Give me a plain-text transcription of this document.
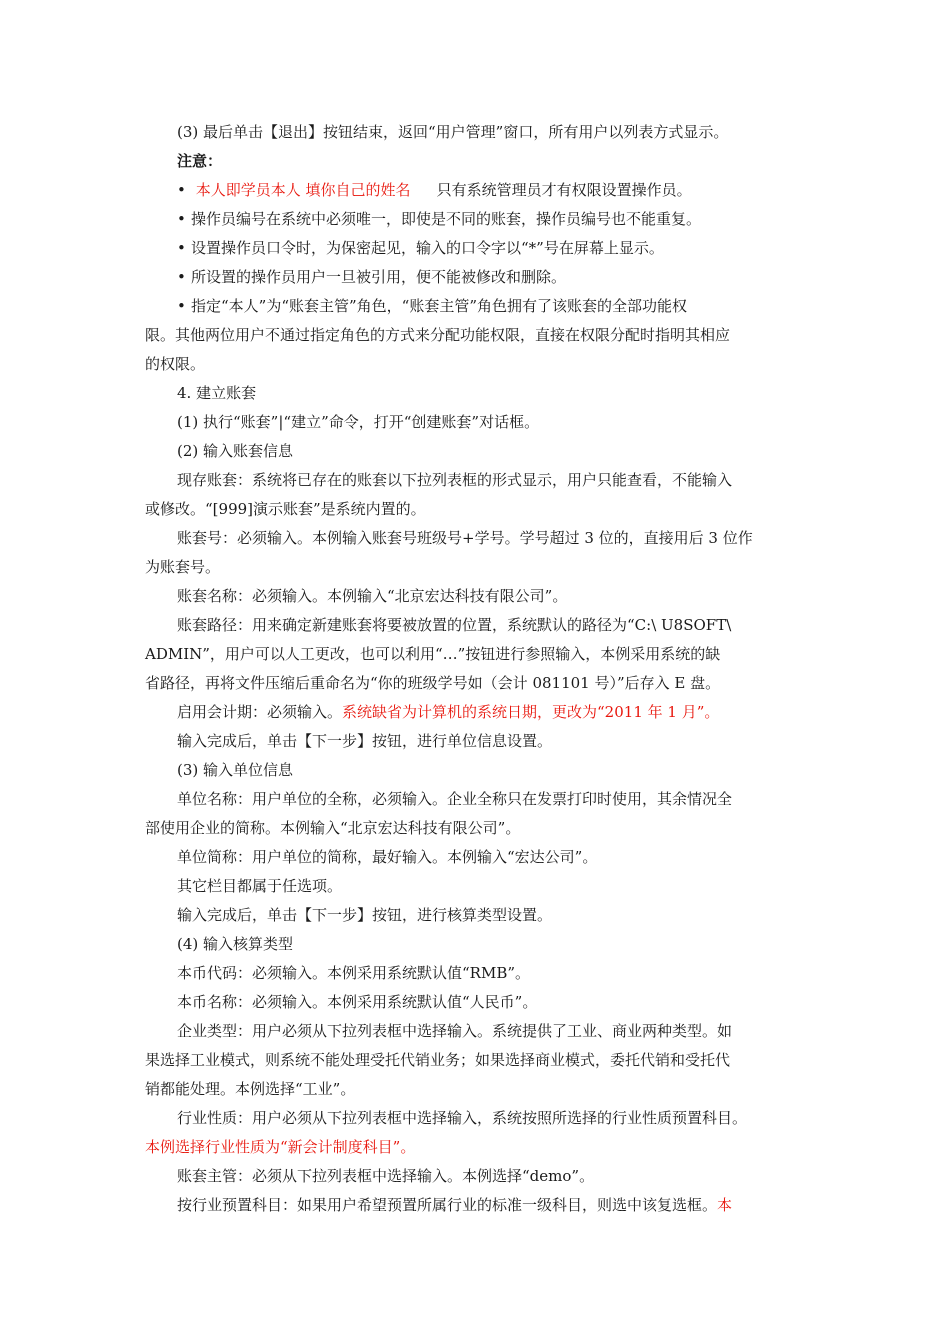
(3) 最后单击【退出】按钮结束，返回“用户管理”窗口，所有用户以列表方式显示。
注意：
• 本人即学员本人 填你自己的姓名 只有系统管理员才有权限设置操作员。
• 操作员编号在系统中必须唯一，即使是不同的账套，操作员编号也不能重复。
• 设置操作员口令时，为保密起见，输入的口令字以“*”号在屏幕上显示。
• 所设置的操作员用户一旦被引用，便不能被修改和删除。
• 指定“本人”为“账套主管”角色，“账套主管”角色拥有了该账套的全部功能权
限。其他两位用户不通过指定角色的方式来分配功能权限，直接在权限分配时指明其相应
的权限。
4. 建立账套
(1) 执行“账套”|“建立”命令，打开“创建账套”对话框。
(2) 输入账套信息
现存账套：系统将已存在的账套以下拉列表框的形式显示，用户只能查看，不能输入
或修改。“[999]演示账套”是系统内置的。
账套号：必须输入。本例输入账套号班级号+学号。学号超过 3 位的，直接用后 3 位作
为账套号。
账套名称：必须输入。本例输入“北京宏达科技有限公司”。
账套路径：用来确定新建账套将要被放置的位置，系统默认的路径为“C:\ U8SOFT\
ADMIN”，用户可以人工更改，也可以利用“…”按钮进行参照输入，本例采用系统的缺
省路径，再将文件压缩后重命名为“你的班级学号如（会计 081101 号）”后存入 E 盘。
启用会计期：必须输入。系统缺省为计算机的系统日期，更改为“2011 年 1 月”。
输入完成后，单击【下一步】按钮，进行单位信息设置。
(3) 输入单位信息
单位名称：用户单位的全称，必须输入。企业全称只在发票打印时使用，其余情况全
部使用企业的简称。本例输入“北京宏达科技有限公司”。
单位简称：用户单位的简称，最好输入。本例输入“宏达公司”。
其它栏目都属于任选项。
输入完成后，单击【下一步】按钮，进行核算类型设置。
(4) 输入核算类型
本币代码：必须输入。本例采用系统默认值“RMB”。
本币名称：必须输入。本例采用系统默认值“人民币”。
企业类型：用户必须从下拉列表框中选择输入。系统提供了工业、商业两种类型。如
果选择工业模式，则系统不能处理受托代销业务；如果选择商业模式，委托代销和受托代
销都能处理。本例选择“工业”。
行业性质：用户必须从下拉列表框中选择输入，系统按照所选择的行业性质预置科目。
本例选择行业性质为“新会计制度科目”。
账套主管：必须从下拉列表框中选择输入。本例选择“demo”。
按行业预置科目：如果用户希望预置所属行业的标准一级科目，则选中该复选框。本
